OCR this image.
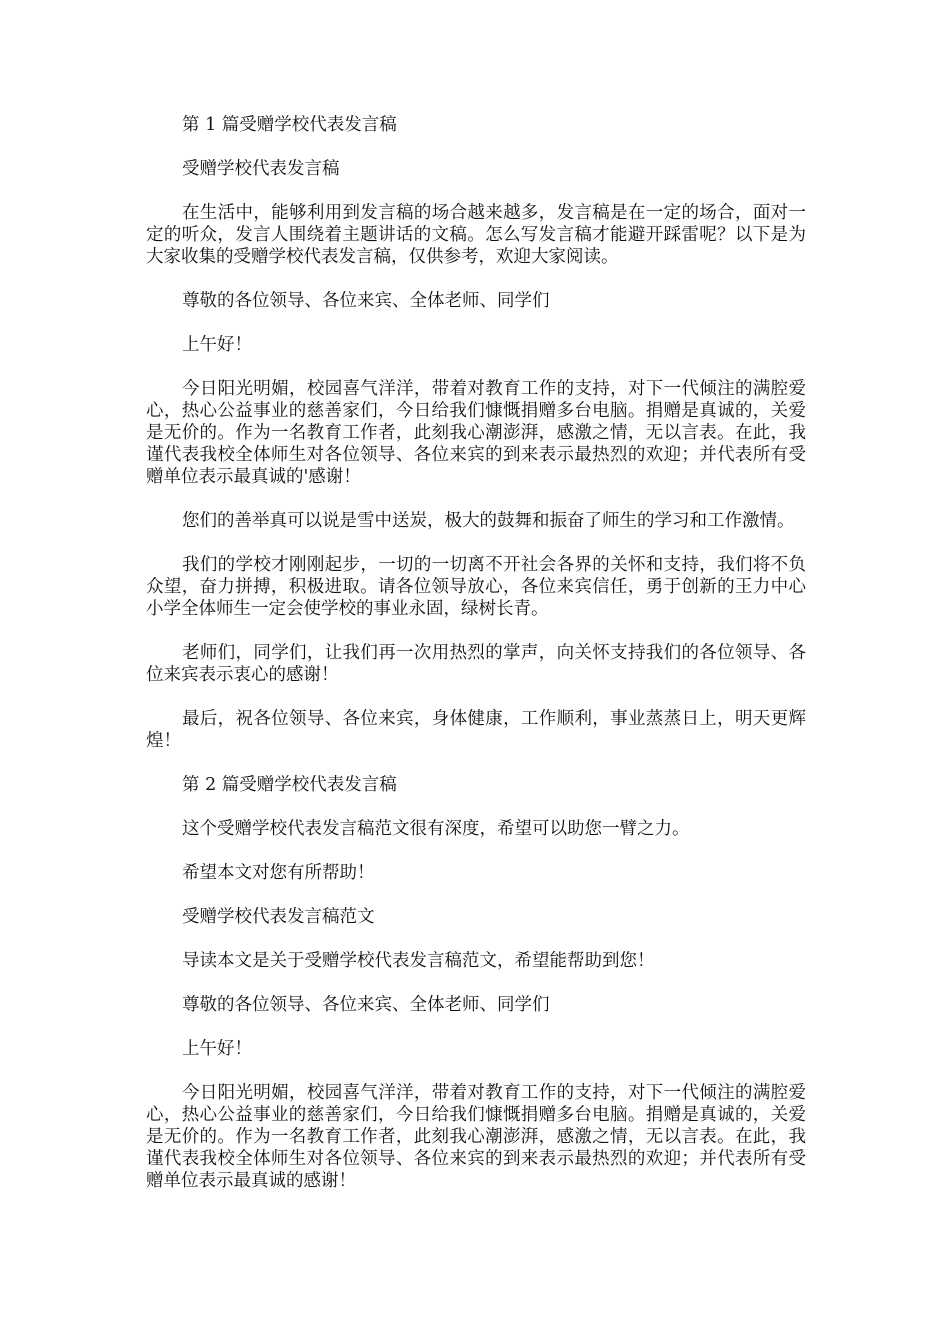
第 1 篇受赠学校代表发言稿

受赠学校代表发言稿

在生活中，能够利用到发言稿的场合越来越多，发言稿是在一定的场合，面对一定的听众，发言人围绕着主题讲话的文稿。怎么写发言稿才能避开踩雷呢？以下是为大家收集的受赠学校代表发言稿，仅供参考，欢迎大家阅读。

尊敬的各位领导、各位来宾、全体老师、同学们

上午好！

今日阳光明媚，校园喜气洋洋，带着对教育工作的支持，对下一代倾注的满腔爱心，热心公益事业的慈善家们，今日给我们慷慨捐赠多台电脑。捐赠是真诚的，关爱是无价的。作为一名教育工作者，此刻我心潮澎湃，感激之情，无以言表。在此，我谨代表我校全体师生对各位领导、各位来宾的到来表示最热烈的欢迎；并代表所有受赠单位表示最真诚的'感谢！

您们的善举真可以说是雪中送炭，极大的鼓舞和振奋了师生的学习和工作激情。

我们的学校才刚刚起步，一切的一切离不开社会各界的关怀和支持，我们将不负众望，奋力拼搏，积极进取。请各位领导放心，各位来宾信任，勇于创新的王力中心小学全体师生一定会使学校的事业永固，绿树长青。

老师们，同学们，让我们再一次用热烈的掌声，向关怀支持我们的各位领导、各位来宾表示衷心的感谢！

最后，祝各位领导、各位来宾，身体健康，工作顺利，事业蒸蒸日上，明天更辉煌！

第 2 篇受赠学校代表发言稿

这个受赠学校代表发言稿范文很有深度，希望可以助您一臂之力。

希望本文对您有所帮助！

受赠学校代表发言稿范文

导读本文是关于受赠学校代表发言稿范文，希望能帮助到您！

尊敬的各位领导、各位来宾、全体老师、同学们

上午好！

今日阳光明媚，校园喜气洋洋，带着对教育工作的支持，对下一代倾注的满腔爱心，热心公益事业的慈善家们，今日给我们慷慨捐赠多台电脑。捐赠是真诚的，关爱是无价的。作为一名教育工作者，此刻我心潮澎湃，感激之情，无以言表。在此，我谨代表我校全体师生对各位领导、各位来宾的到来表示最热烈的欢迎；并代表所有受赠单位表示最真诚的感谢！
